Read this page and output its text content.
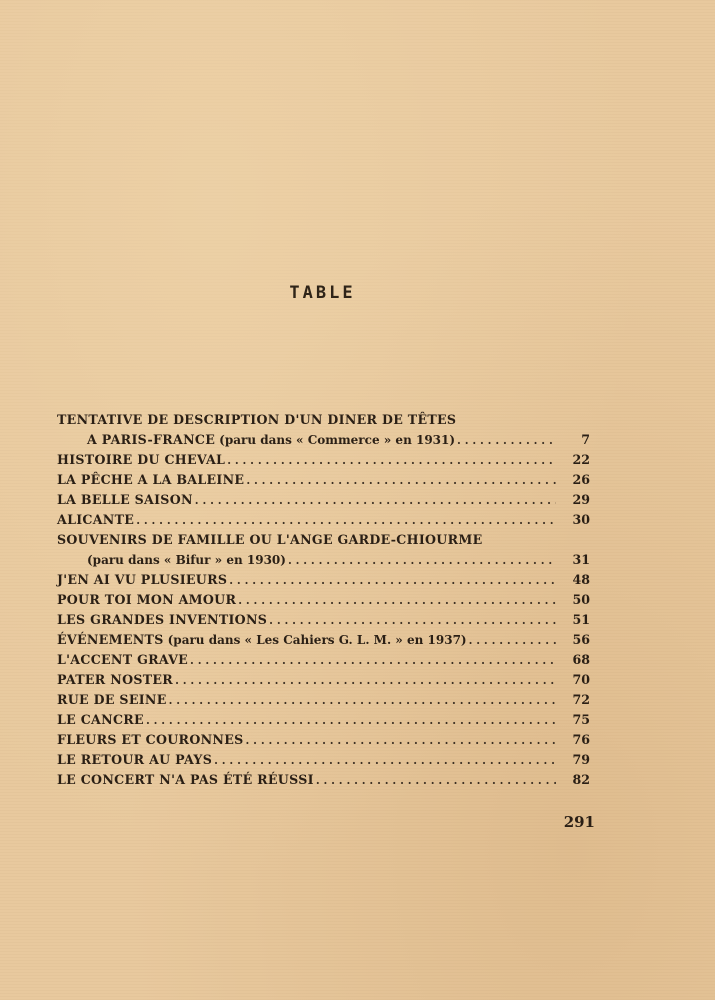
TABLE
TENTATIVE DE DESCRIPTION D'UN DINER DE TÊTES
A PARIS-FRANCE
(paru dans « Commerce » en 1931) . . .	7
HISTOIRE DU CHEVAL . . .	22
LA PÊCHE A LA BALEINE . . .	26
LA BELLE SAISON . . .	29
ALICANTE . . .	30
SOUVENIRS DE FAMILLE OU L'ANGE GARDE-CHIOURME
(paru dans « Bifur » en 1930) . . .	31
J'EN AI VU PLUSIEURS . . .	48
POUR TOI MON AMOUR . . .	50
LES GRANDES INVENTIONS . . .	51
ÉVÉNEMENTS
(paru dans « Les Cahiers G. L. M. » en 1937) . . .	56
L'ACCENT GRAVE . . .	68
PATER NOSTER . . .	70
RUE DE SEINE . . .	72
LE CANCRE . . .	75
FLEURS ET COURONNES . . .	76
LE RETOUR AU PAYS . . .	79
LE CONCERT N'A PAS ÉTÉ RÉUSSI . . .	82
291
